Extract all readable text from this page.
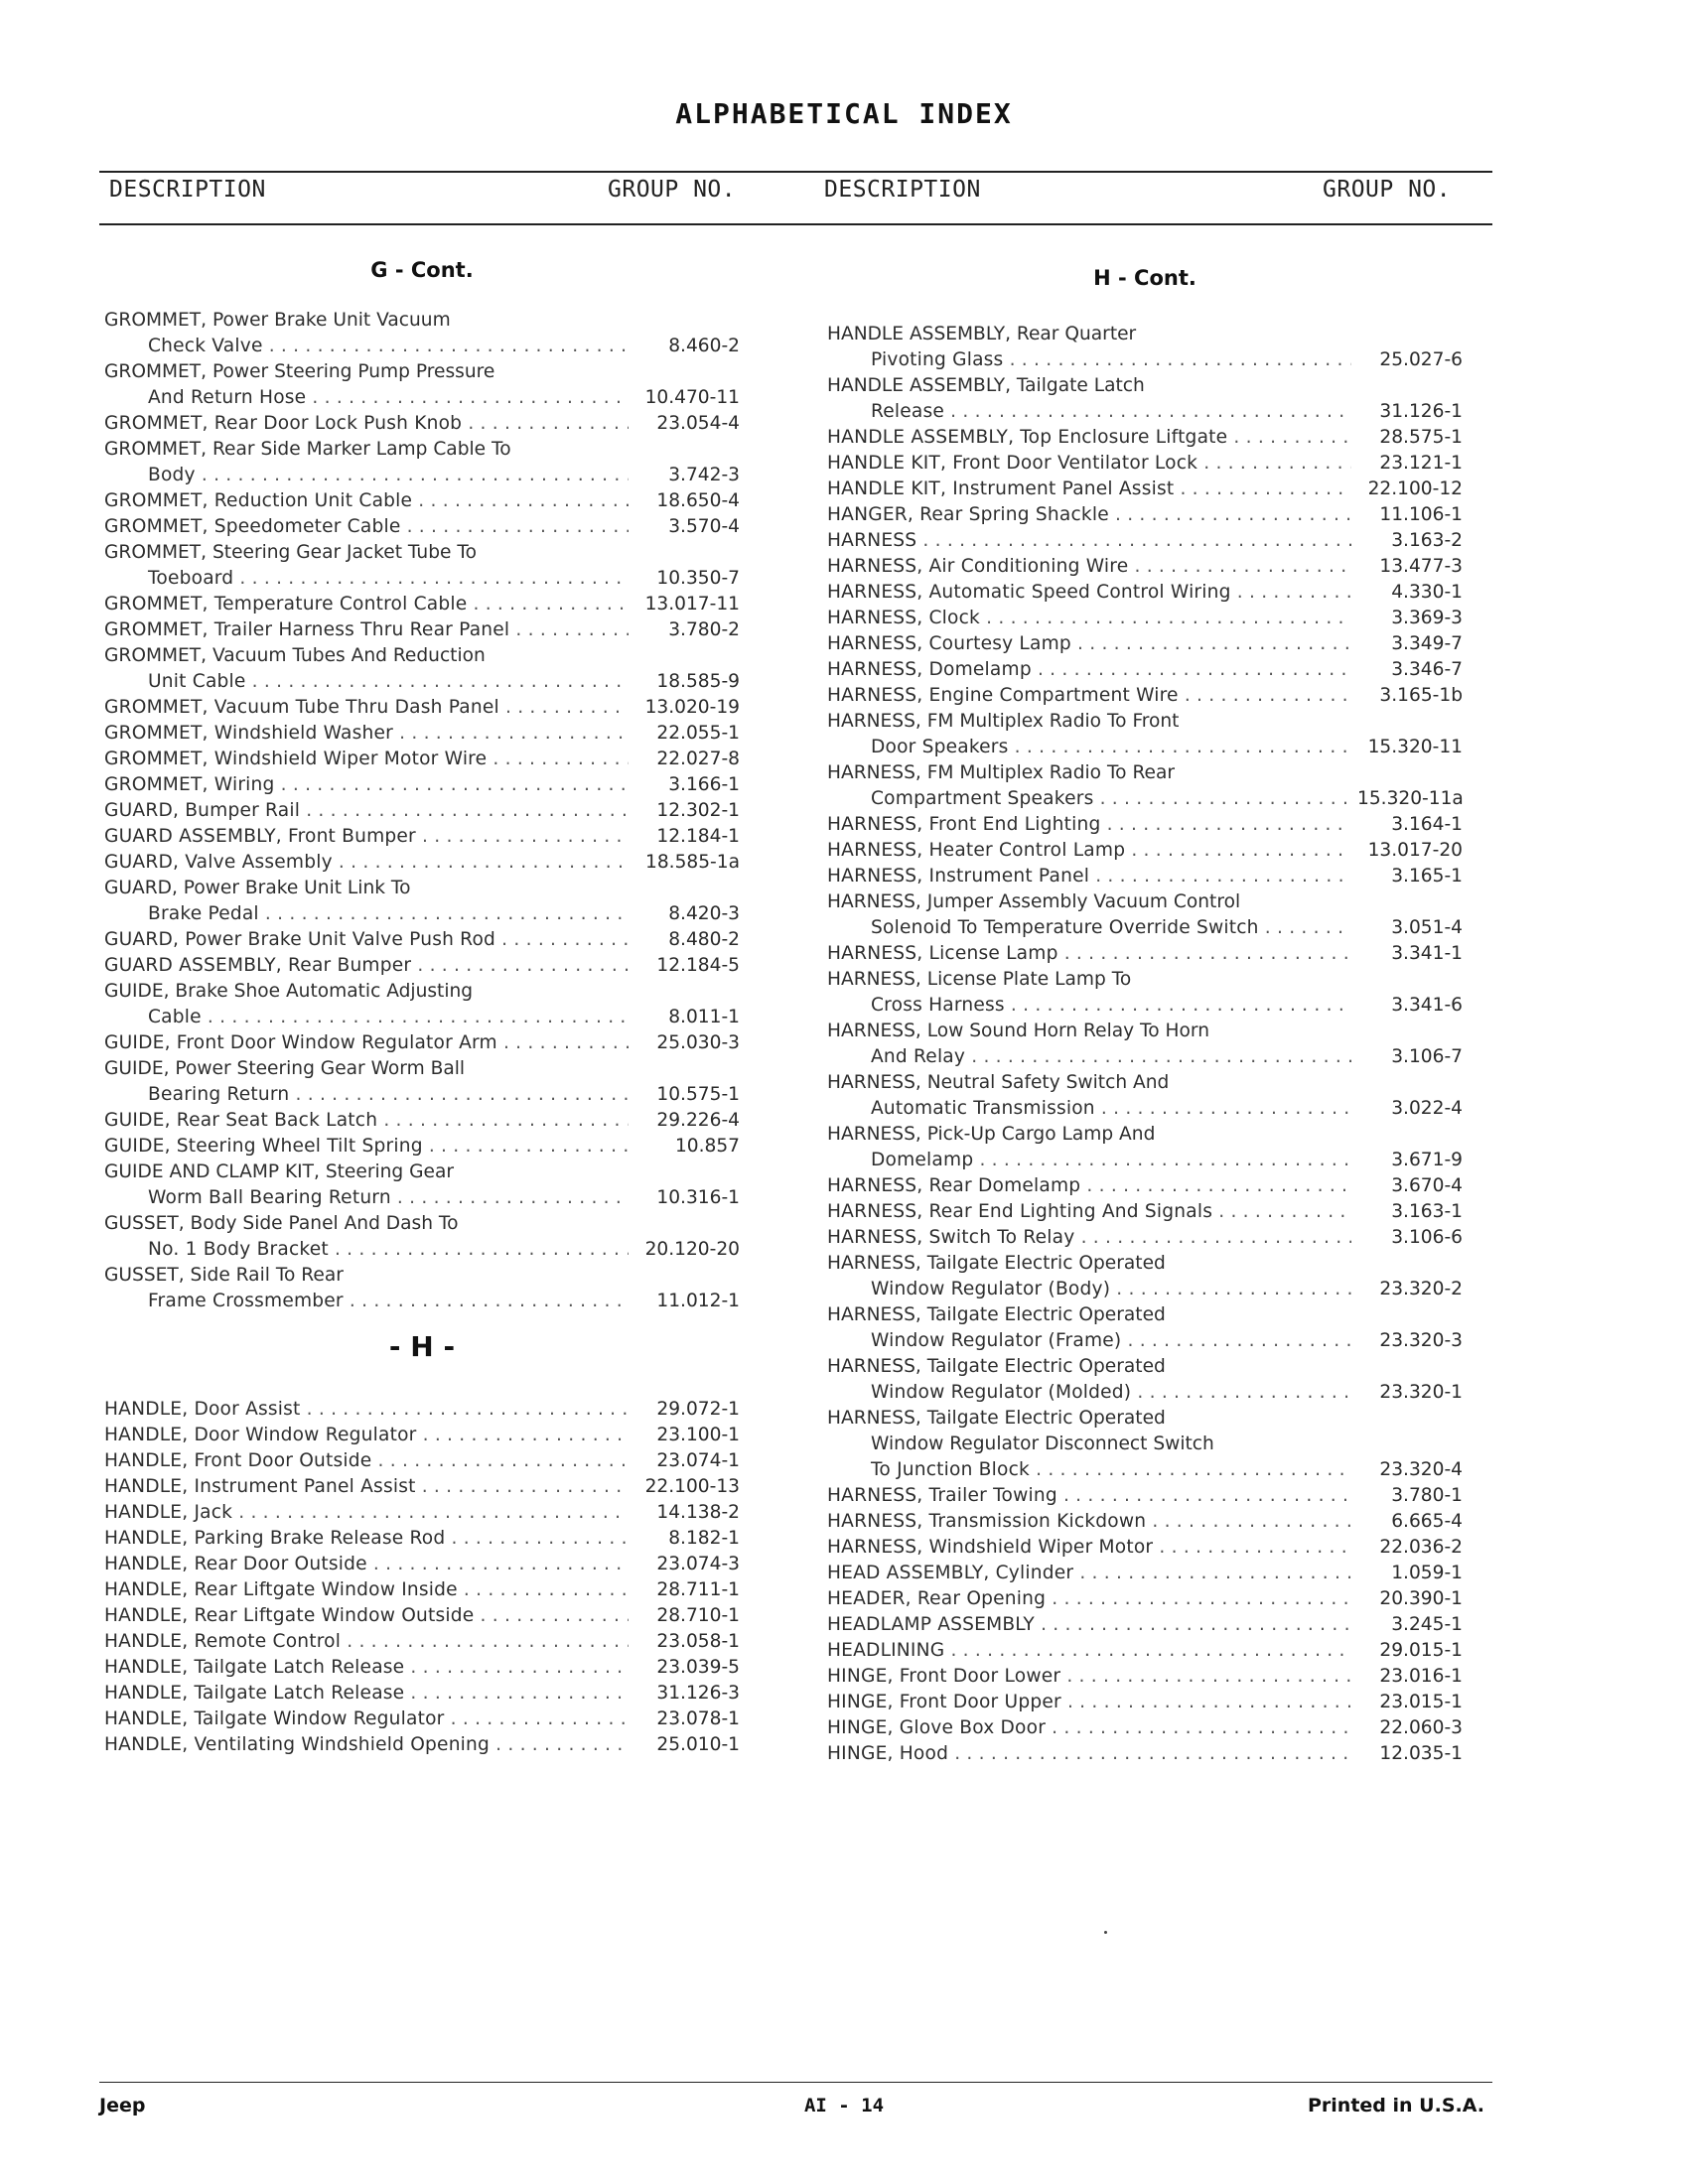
ALPHABETICAL INDEX
DESCRIPTION	GROUP NO.	DESCRIPTION	GROUP NO.
G - Cont.
GROMMET, Power Brake Unit Vacuum
Check Valve . . .	8.460-2
GROMMET, Power Steering Pump Pressure
And Return Hose . . .	10.470-11
GROMMET, Rear Door Lock Push Knob . . .	23.054-4
GROMMET, Rear Side Marker Lamp Cable To
Body . . .	3.742-3
GROMMET, Reduction Unit Cable . . .	18.650-4
GROMMET, Speedometer Cable . . .	3.570-4
GROMMET, Steering Gear Jacket Tube To
Toeboard . . .	10.350-7
GROMMET, Temperature Control Cable . . .	13.017-11
GROMMET, Trailer Harness Thru Rear Panel . . .	3.780-2
GROMMET, Vacuum Tubes And Reduction
Unit Cable . . .	18.585-9
GROMMET, Vacuum Tube Thru Dash Panel . . .	13.020-19
GROMMET, Windshield Washer . . .	22.055-1
GROMMET, Windshield Wiper Motor Wire . . .	22.027-8
GROMMET, Wiring . . .	3.166-1
GUARD, Bumper Rail . . .	12.302-1
GUARD ASSEMBLY, Front Bumper . . .	12.184-1
GUARD, Valve Assembly . . .	18.585-1a
GUARD, Power Brake Unit Link To
Brake Pedal . . .	8.420-3
GUARD, Power Brake Unit Valve Push Rod . . .	8.480-2
GUARD ASSEMBLY, Rear Bumper . . .	12.184-5
GUIDE, Brake Shoe Automatic Adjusting
Cable . . .	8.011-1
GUIDE, Front Door Window Regulator Arm . . .	25.030-3
GUIDE, Power Steering Gear Worm Ball
Bearing Return . . .	10.575-1
GUIDE, Rear Seat Back Latch . . .	29.226-4
GUIDE, Steering Wheel Tilt Spring . . .	10.857
GUIDE AND CLAMP KIT, Steering Gear
Worm Ball Bearing Return . . .	10.316-1
GUSSET, Body Side Panel And Dash To
No. 1 Body Bracket . . .	20.120-20
GUSSET, Side Rail To Rear
Frame Crossmember . . .	11.012-1
- H -
HANDLE, Door Assist . . .	29.072-1
HANDLE, Door Window Regulator . . .	23.100-1
HANDLE, Front Door Outside . . .	23.074-1
HANDLE, Instrument Panel Assist . . .	22.100-13
HANDLE, Jack . . .	14.138-2
HANDLE, Parking Brake Release Rod . . .	8.182-1
HANDLE, Rear Door Outside . . .	23.074-3
HANDLE, Rear Liftgate Window Inside . . .	28.711-1
HANDLE, Rear Liftgate Window Outside . . .	28.710-1
HANDLE, Remote Control . . .	23.058-1
HANDLE, Tailgate Latch Release . . .	23.039-5
HANDLE, Tailgate Latch Release . . .	31.126-3
HANDLE, Tailgate Window Regulator . . .	23.078-1
HANDLE, Ventilating Windshield Opening . . .	25.010-1
H - Cont.
HANDLE ASSEMBLY, Rear Quarter
Pivoting Glass . . .	25.027-6
HANDLE ASSEMBLY, Tailgate Latch
Release . . .	31.126-1
HANDLE ASSEMBLY, Top Enclosure Liftgate . . .	28.575-1
HANDLE KIT, Front Door Ventilator Lock . . .	23.121-1
HANDLE KIT, Instrument Panel Assist . . .	22.100-12
HANGER, Rear Spring Shackle . . .	11.106-1
HARNESS . . .	3.163-2
HARNESS, Air Conditioning Wire . . .	13.477-3
HARNESS, Automatic Speed Control Wiring . . .	4.330-1
HARNESS, Clock . . .	3.369-3
HARNESS, Courtesy Lamp . . .	3.349-7
HARNESS, Domelamp . . .	3.346-7
HARNESS, Engine Compartment Wire . . .	3.165-1b
HARNESS, FM Multiplex Radio To Front
Door Speakers . . .	15.320-11
HARNESS, FM Multiplex Radio To Rear
Compartment Speakers . . .	15.320-11a
HARNESS, Front End Lighting . . .	3.164-1
HARNESS, Heater Control Lamp . . .	13.017-20
HARNESS, Instrument Panel . . .	3.165-1
HARNESS, Jumper Assembly Vacuum Control
Solenoid To Temperature Override Switch . . .	3.051-4
HARNESS, License Lamp . . .	3.341-1
HARNESS, License Plate Lamp To
Cross Harness . . .	3.341-6
HARNESS, Low Sound Horn Relay To Horn
And Relay . . .	3.106-7
HARNESS, Neutral Safety Switch And
Automatic Transmission . . .	3.022-4
HARNESS, Pick-Up Cargo Lamp And
Domelamp . . .	3.671-9
HARNESS, Rear Domelamp . . .	3.670-4
HARNESS, Rear End Lighting And Signals . . .	3.163-1
HARNESS, Switch To Relay . . .	3.106-6
HARNESS, Tailgate Electric Operated
Window Regulator (Body) . . .	23.320-2
HARNESS, Tailgate Electric Operated
Window Regulator (Frame) . . .	23.320-3
HARNESS, Tailgate Electric Operated
Window Regulator (Molded) . . .	23.320-1
HARNESS, Tailgate Electric Operated
Window Regulator Disconnect Switch
To Junction Block . . .	23.320-4
HARNESS, Trailer Towing . . .	3.780-1
HARNESS, Transmission Kickdown . . .	6.665-4
HARNESS, Windshield Wiper Motor . . .	22.036-2
HEAD ASSEMBLY, Cylinder . . .	1.059-1
HEADER, Rear Opening . . .	20.390-1
HEADLAMP ASSEMBLY . . .	3.245-1
HEADLINING . . .	29.015-1
HINGE, Front Door Lower . . .	23.016-1
HINGE, Front Door Upper . . .	23.015-1
HINGE, Glove Box Door . . .	22.060-3
HINGE, Hood . . .	12.035-1
Jeep	AI - 14	Printed in U.S.A.
